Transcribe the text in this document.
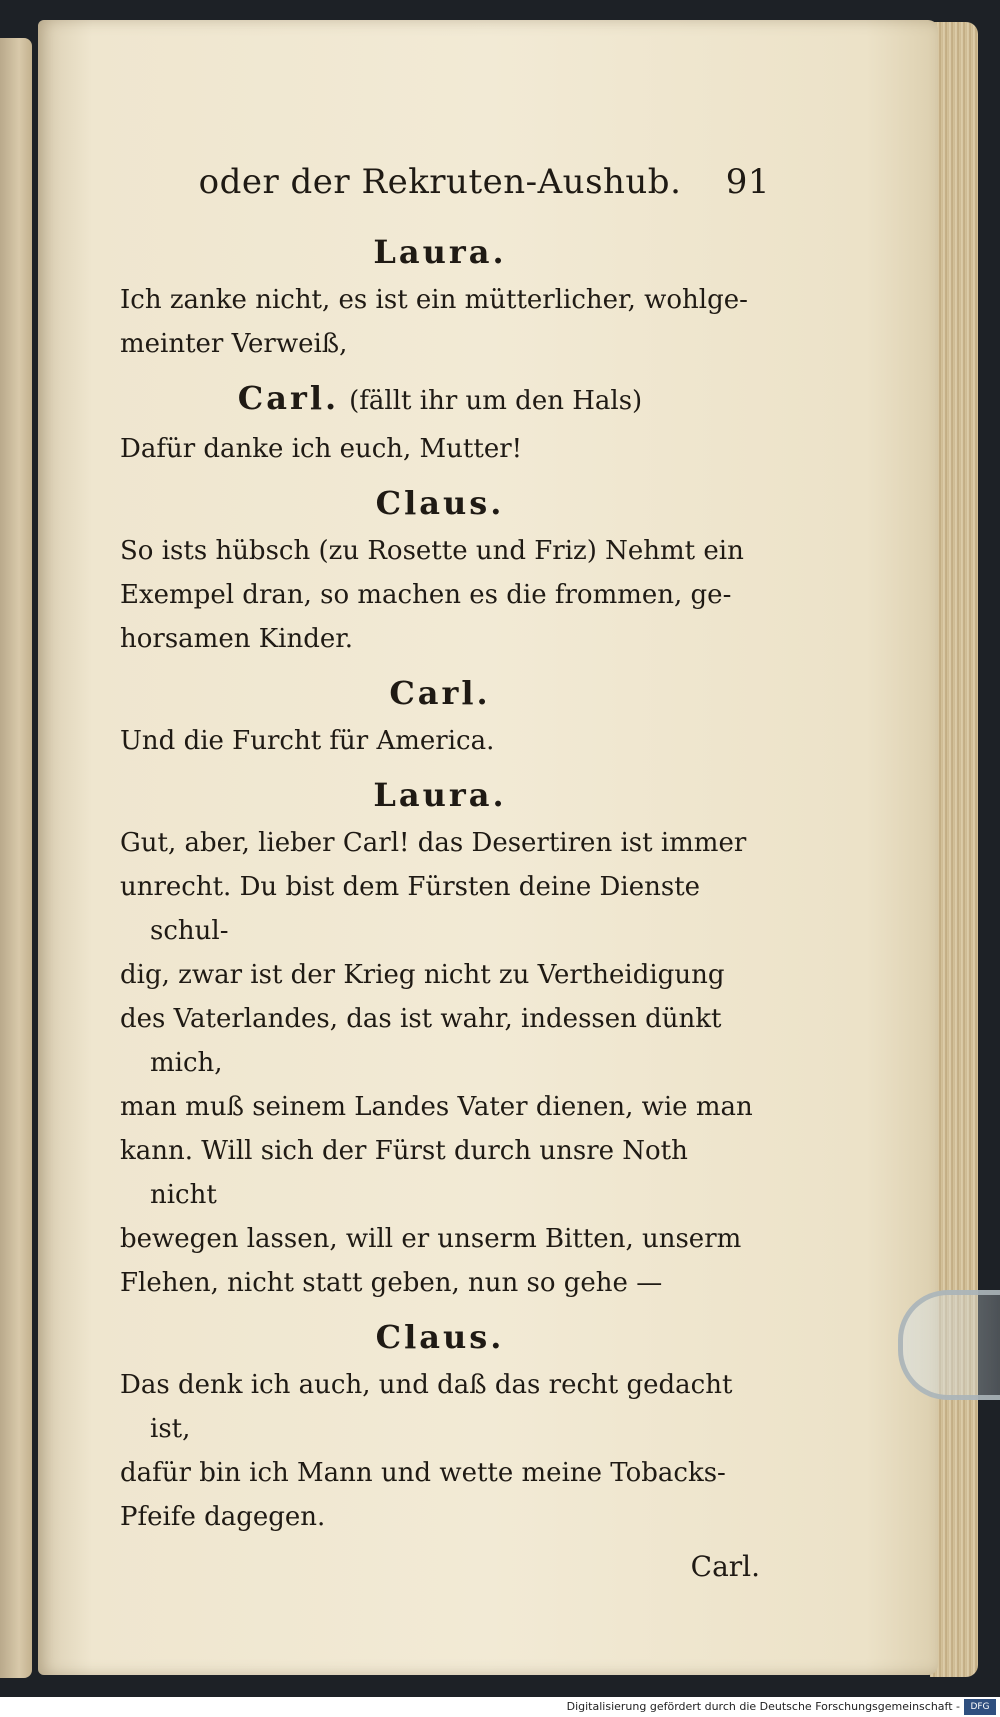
oder der Rekruten-Aushub. 91
Laura.

Ich zanke nicht, es ist ein mütterlicher, wohlge-

meinter Verweiß,

Carl. (fällt ihr um den Hals)

Dafür danke ich euch, Mutter!

Claus.

So ists hübsch (zu Rosette und Friz) Nehmt ein

Exempel dran, so machen es die frommen, ge-

horsamen Kinder.

Carl.

Und die Furcht für America.

Laura.

Gut, aber, lieber Carl! das Desertiren ist immer

unrecht. Du bist dem Fürsten deine Dienste schul-

dig, zwar ist der Krieg nicht zu Vertheidigung

des Vaterlandes, das ist wahr, indessen dünkt mich,

man muß seinem Landes Vater dienen, wie man

kann. Will sich der Fürst durch unsre Noth nicht

bewegen lassen, will er unserm Bitten, unserm

Flehen, nicht statt geben, nun so gehe —

Claus.

Das denk ich auch, und daß das recht gedacht ist,

dafür bin ich Mann und wette meine Tobacks-

Pfeife dagegen.

Carl.
Digitalisierung gefördert durch die Deutsche Forschungsgemeinschaft -	DFG
